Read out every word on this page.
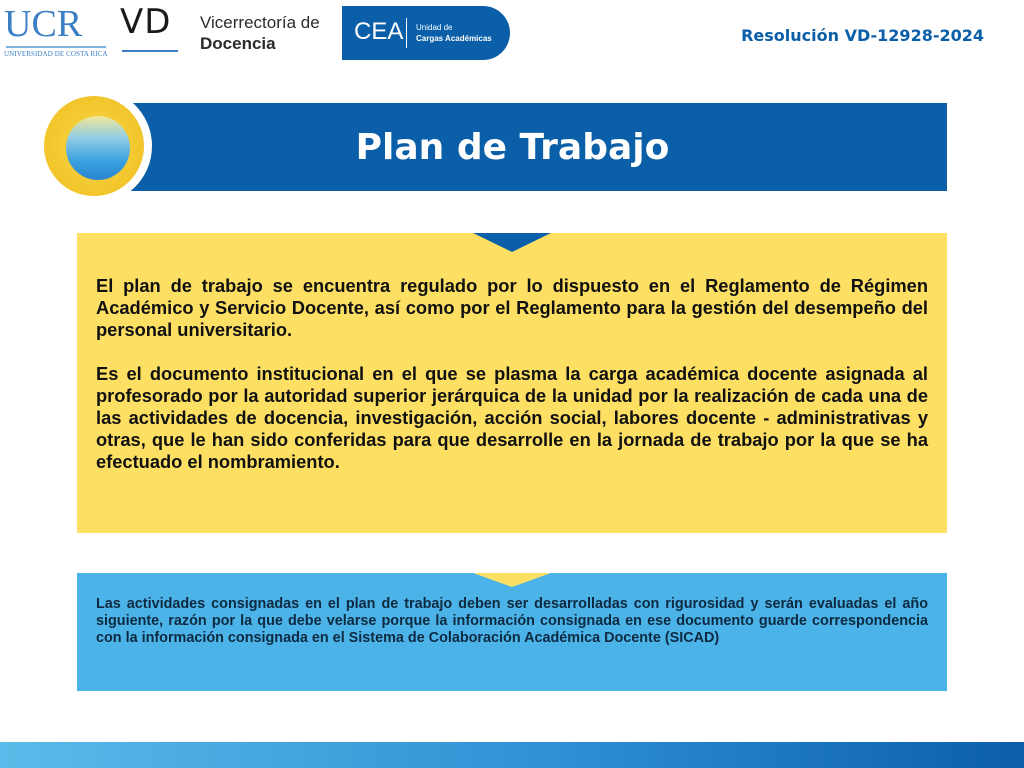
UCR
UNIVERSIDAD DE COSTA RICA
VD Vicerrectoría de
Docencia	CEA Unidad de
Cargas Académicas	Resolución VD-12928-2024
Plan de Trabajo

El plan de trabajo se encuentra regulado por lo dispuesto en el Reglamento de Régimen Académico y Servicio Docente, así como por el Reglamento para la gestión del desempeño del personal universitario.

Es el documento institucional en el que se plasma la carga académica docente asignada al profesorado por la autoridad superior jerárquica de la unidad por la realización de cada una de las actividades de docencia, investigación, acción social, labores docente - administrativas y otras, que le han sido conferidas para que desarrolle en la jornada de trabajo por la que se ha efectuado el nombramiento.

Las actividades consignadas en el plan de trabajo deben ser desarrolladas con rigurosidad y serán evaluadas el año siguiente, razón por la que debe velarse porque la información consignada en ese documento guarde correspondencia con la información consignada en el Sistema de Colaboración Académica Docente (SICAD)
